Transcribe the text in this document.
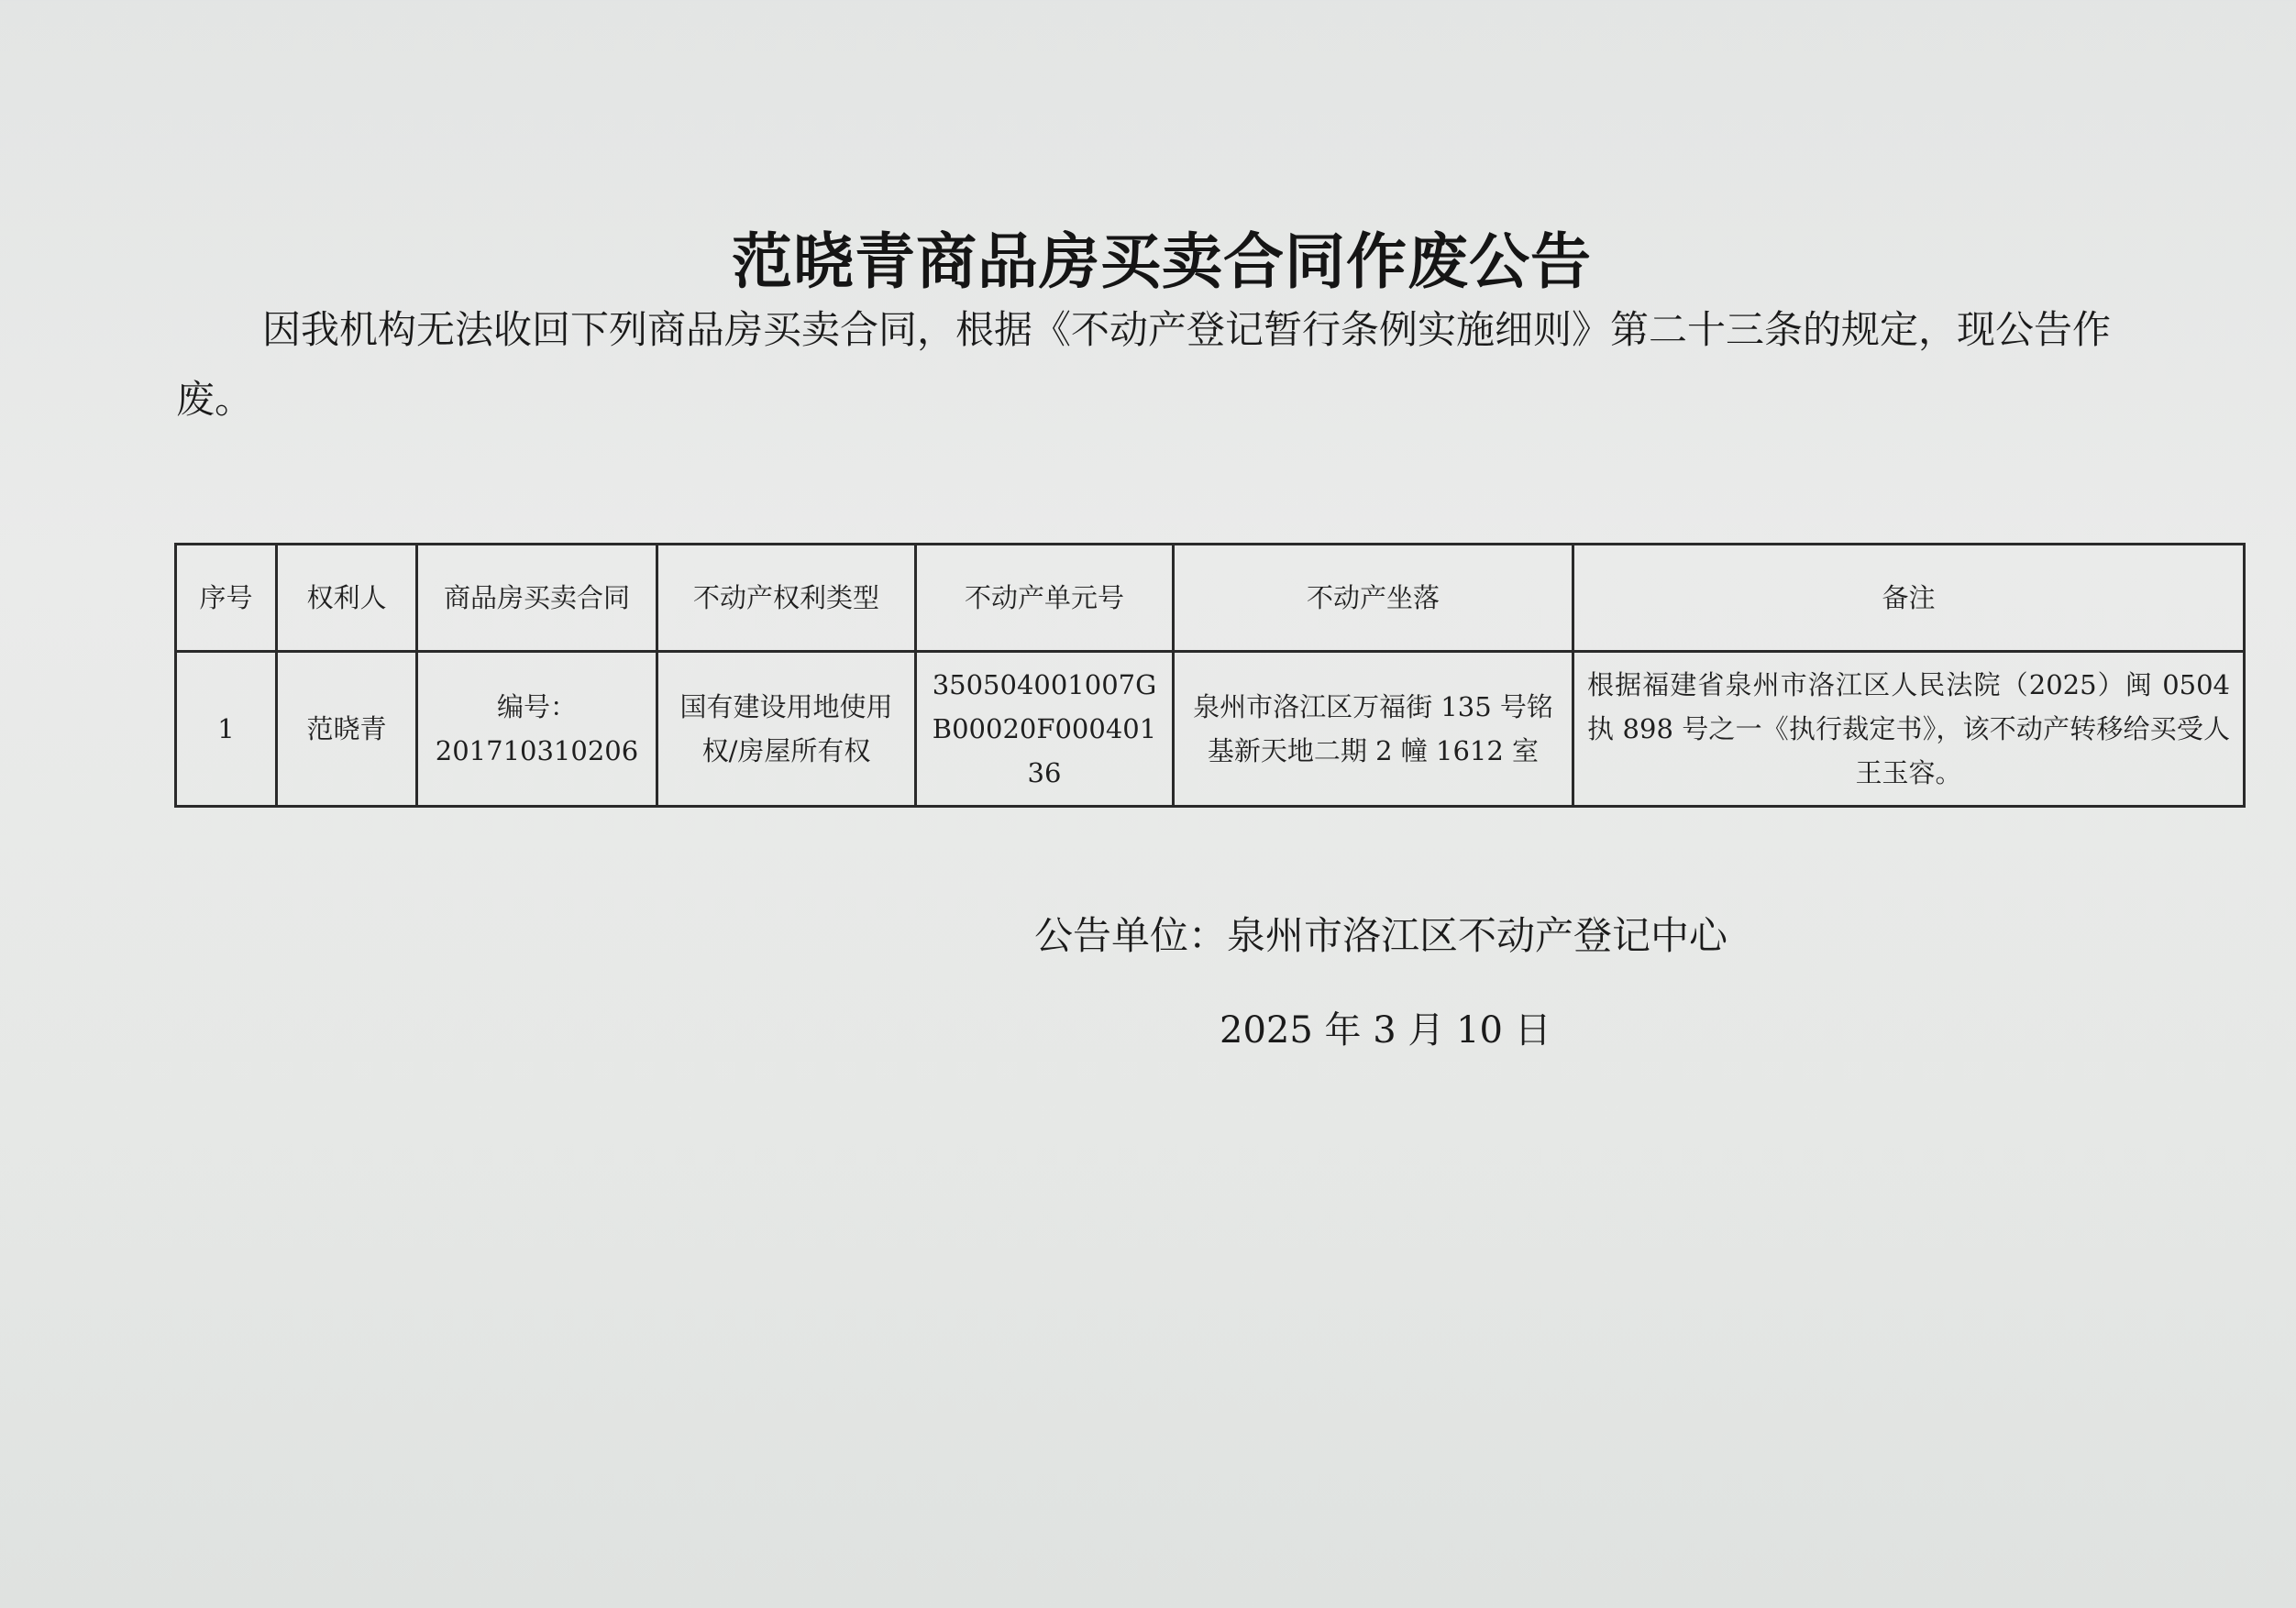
范晓青商品房买卖合同作废公告

因我机构无法收回下列商品房买卖合同，根据《不动产登记暂行条例实施细则》第二十三条的规定，现公告作废。

序号	权利人	商品房买卖合同	不动产权利类型	不动产单元号	不动产坐落	备注
1	范晓青	编号：201710310206	国有建设用地使用权/房屋所有权	350504001007GB00020F00040136	泉州市洛江区万福街 135 号铭基新天地二期 2 幢 1612 室	根据福建省泉州市洛江区人民法院（2025）闽 0504 执 898 号之一《执行裁定书》，该不动产转移给买受人王玉容。

公告单位：泉州市洛江区不动产登记中心

2025 年 3 月 10 日
